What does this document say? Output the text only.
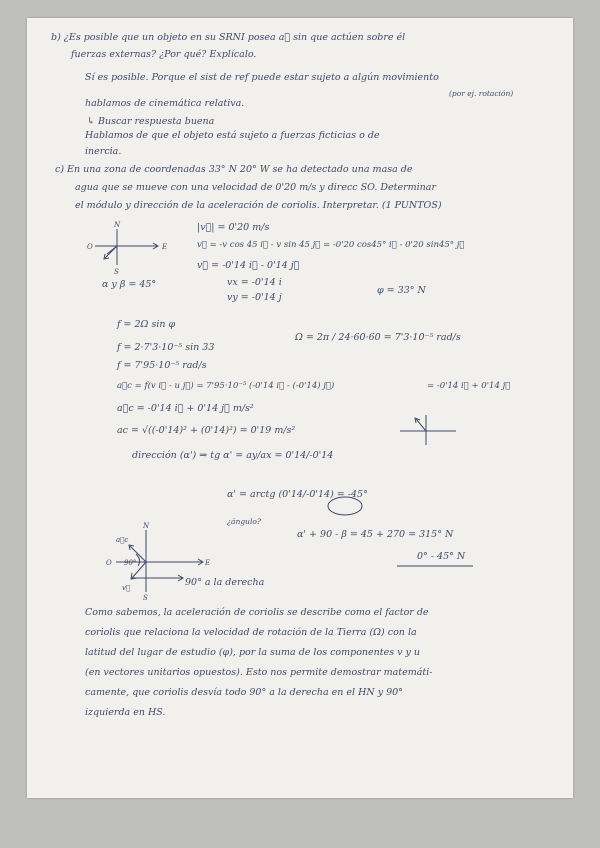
b) ¿Es posible que un objeto en su SRNI posea a⃗ sin que actúen sobre él
fuerzas externas? ¿Por qué? Explícalo.
Sí es posible. Porque el sist de ref puede estar sujeto a algún movimiento
(por ej. rotación)
hablamos de cinemática relativa.
↳ Buscar respuesta buena
Hablamos de que el objeto está sujeto a fuerzas ficticias o de
inercia.
c) En una zona de coordenadas 33° N 20° W se ha detectado una masa de
agua que se mueve con una velocidad de 0'20 m/s y direcc SO. Determinar
el módulo y dirección de la aceleración de coriolis. Interpretar. (1 PUNTOS)
N
S
E
O
|v⃗| = 0'20 m/s
v⃗ = -v cos 45 i⃗ - v sin 45 j⃗ = -0'20 cos45° i⃗ - 0'20 sin45° j⃗
v⃗ = -0'14 i⃗ - 0'14 j⃗
vx = -0'14 i
vy = -0'14 j
φ = 33° N
α y β = 45°
f = 2Ω sin φ
Ω = 2π / 24·60·60 = 7'3·10⁻⁵ rad/s
f = 2·7'3·10⁻⁵ sin 33
f = 7'95·10⁻⁵ rad/s
a⃗c = f(v i⃗ - u j⃗) = 7'95·10⁻⁵ (-0'14 i⃗ - (-0'14) j⃗)	= -0'14 i⃗ + 0'14 j⃗
a⃗c = -0'14 i⃗ + 0'14 j⃗ m/s²
ac = √((-0'14)² + (0'14)²) = 0'19 m/s²
dirección (α') ⇒ tg α' = ay/ax = 0'14/-0'14
α' = arctg (0'14/-0'14) = -45°
¿ángulo?
α' + 90 - β = 45 + 270 = 315° N
0° - 45° N
N
S
E
O 90°
a⃗c
v⃗	90° a la derecha
Como sabemos, la aceleración de coriolis se describe como el factor de
coriolis que relaciona la velocidad de rotación de la Tierra (Ω) con la
latitud del lugar de estudio (φ), por la suma de los componentes v y u
(en vectores unitarios opuestos). Esto nos permite demostrar matemáti-
camente, que coriolis desvía todo 90° a la derecha en el HN y 90°
izquierda en HS.
